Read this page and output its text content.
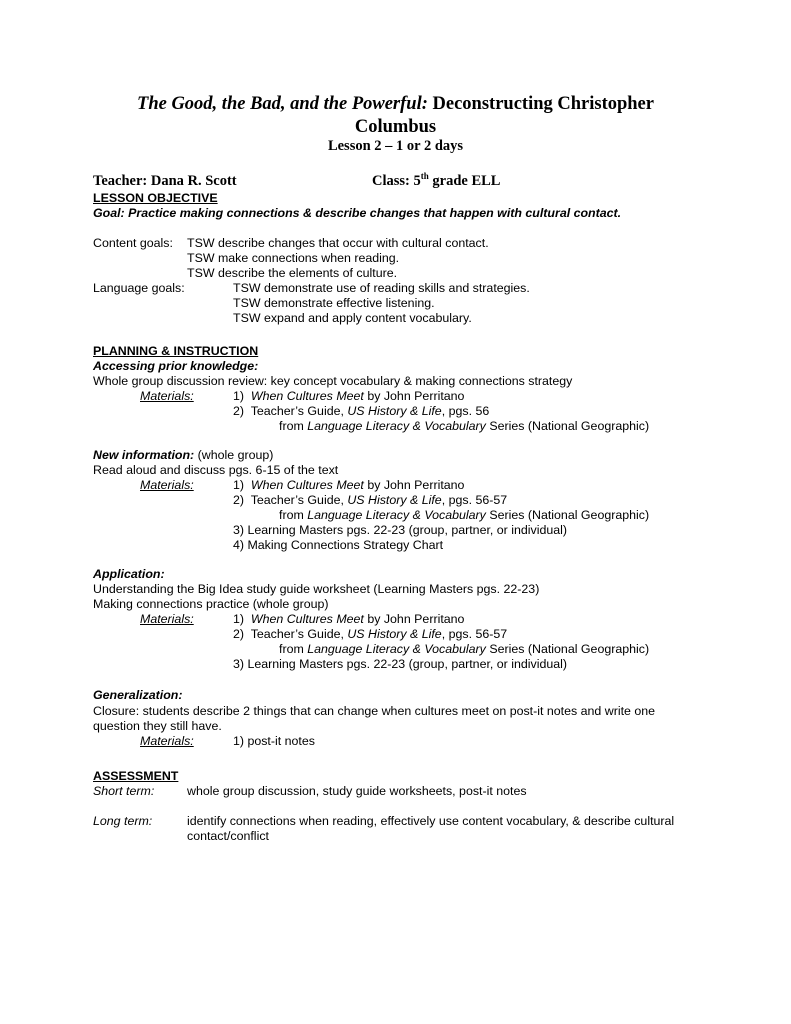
The Good, the Bad, and the Powerful: Deconstructing Christopher
Columbus
Lesson 2 – 1 or 2 days
Teacher: Dana R. Scott	Class: 5th grade ELL
LESSON OBJECTIVE
Goal: Practice making connections & describe changes that happen with cultural contact.
Content goals: TSW describe changes that occur with cultural contact.
TSW make connections when reading.
TSW describe the elements of culture.
Language goals:	TSW demonstrate use of reading skills and strategies.
TSW demonstrate effective listening.
TSW expand and apply content vocabulary.
PLANNING & INSTRUCTION
Accessing prior knowledge:
Whole group discussion review: key concept vocabulary & making connections strategy
Materials:	1) When Cultures Meet by John Perritano
2) Teacher’s Guide, US History & Life, pgs. 56
from Language Literacy & Vocabulary Series (National Geographic)
New information: (whole group)
Read aloud and discuss pgs. 6-15 of the text
Materials:	1) When Cultures Meet by John Perritano
2) Teacher’s Guide, US History & Life, pgs. 56-57
from Language Literacy & Vocabulary Series (National Geographic)
3) Learning Masters pgs. 22-23 (group, partner, or individual)
4) Making Connections Strategy Chart
Application:
Understanding the Big Idea study guide worksheet (Learning Masters pgs. 22-23)
Making connections practice (whole group)
Materials:	1) When Cultures Meet by John Perritano
2) Teacher’s Guide, US History & Life, pgs. 56-57
from Language Literacy & Vocabulary Series (National Geographic)
3) Learning Masters pgs. 22-23 (group, partner, or individual)
Generalization:
Closure: students describe 2 things that can change when cultures meet on post-it notes and write one
question they still have.
Materials:	1) post-it notes
ASSESSMENT
Short term:	whole group discussion, study guide worksheets, post-it notes
Long term:	identify connections when reading, effectively use content vocabulary, & describe cultural
contact/conflict
